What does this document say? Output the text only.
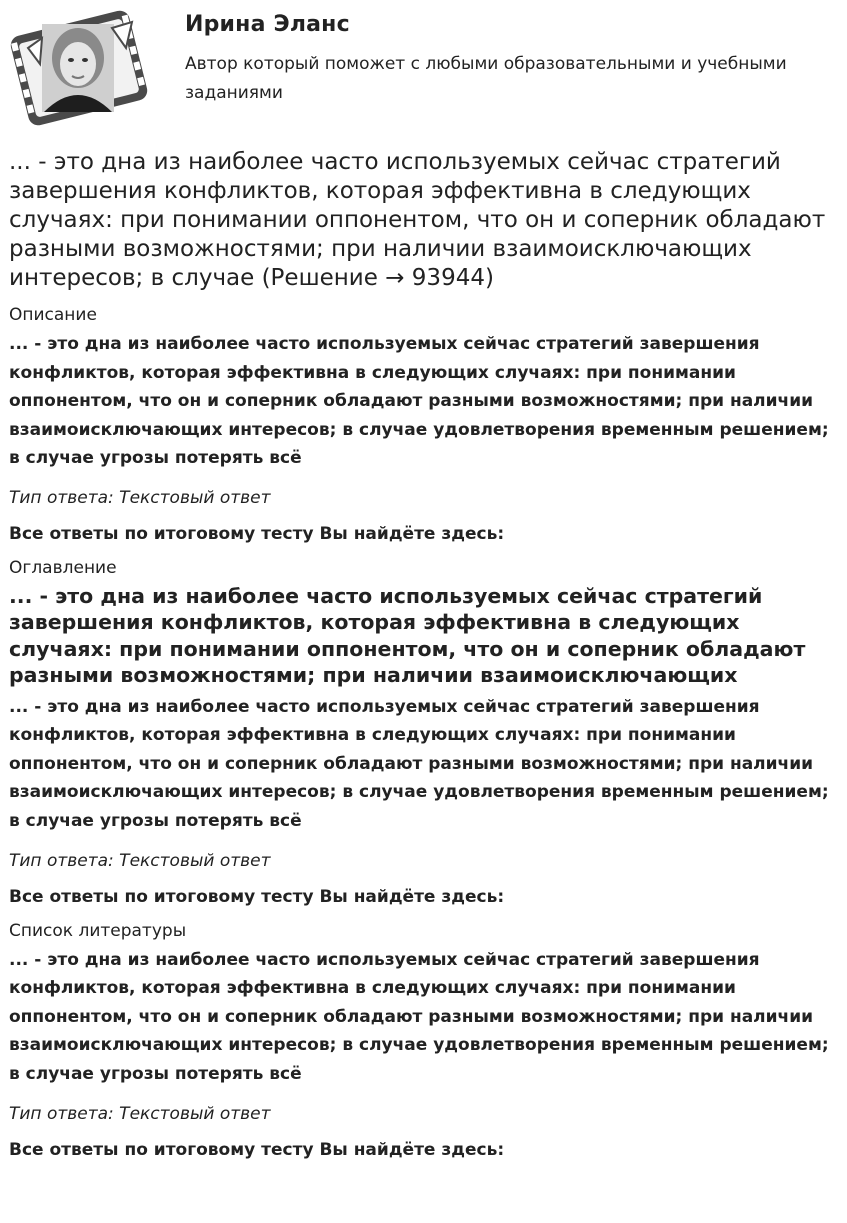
Ирина Эланс
Автор который поможет с любыми образовательными и учебными заданиями
... - это дна из наиболее часто используемых сейчас стратегий завершения конфликтов, которая эффективна в следующих случаях: при понимании оппонентом, что он и соперник обладают разными возможностями; при наличии взаимоисключающих интересов; в случае (Решение → 93944)
Описание

... - это дна из наиболее часто используемых сейчас стратегий завершения конфликтов, которая эффективна в следующих случаях: при понимании оппонентом, что он и соперник обладают разными возможностями; при наличии взаимоисключающих интересов; в случае удовлетворения временным решением; в случае угрозы потерять всё

Тип ответа: Текстовый ответ

Все ответы по итоговому тесту Вы найдёте здесь:

Оглавление
... - это дна из наиболее часто используемых сейчас стратегий завершения конфликтов, которая эффективна в следующих случаях: при понимании оппонентом, что он и соперник обладают разными возможностями; при наличии взаимоисключающих

... - это дна из наиболее часто используемых сейчас стратегий завершения конфликтов, которая эффективна в следующих случаях: при понимании оппонентом, что он и соперник обладают разными возможностями; при наличии взаимоисключающих интересов; в случае удовлетворения временным решением; в случае угрозы потерять всё

Тип ответа: Текстовый ответ

Все ответы по итоговому тесту Вы найдёте здесь:

Список литературы

... - это дна из наиболее часто используемых сейчас стратегий завершения конфликтов, которая эффективна в следующих случаях: при понимании оппонентом, что он и соперник обладают разными возможностями; при наличии взаимоисключающих интересов; в случае удовлетворения временным решением; в случае угрозы потерять всё

Тип ответа: Текстовый ответ

Все ответы по итоговому тесту Вы найдёте здесь:
